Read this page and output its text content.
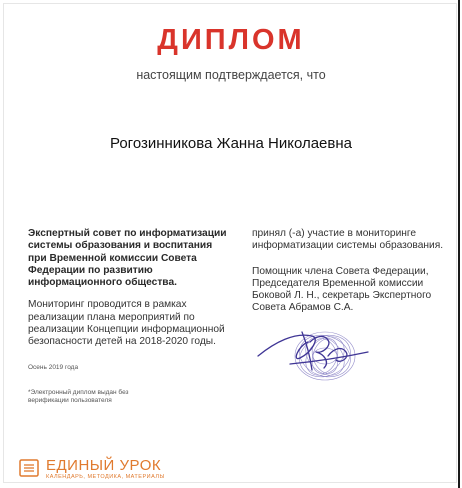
ДИПЛОМ
настоящим подтверждается, что
Рогозинникова Жанна Николаевна
Экспертный совет по информатизации системы образования и воспитания при Временной комиссии Совета Федерации по развитию информационного общества.
Мониторинг проводится в рамках реализации плана мероприятий по реализации Концепции информационной безопасности детей на 2018-2020 годы.
Осень 2019 года
*Электронный диплом выдан без верификации пользователя
принял (-а) участие в мониторинге информатизации системы образования.
Помощник члена Совета Федерации, Председателя Временной комиссии Боковой Л. Н., секретарь Экспертного Совета Абрамов С.А.
ЕДИНЫЙ УРОК
КАЛЕНДАРЬ, МЕТОДИКА, МАТЕРИАЛЫ
